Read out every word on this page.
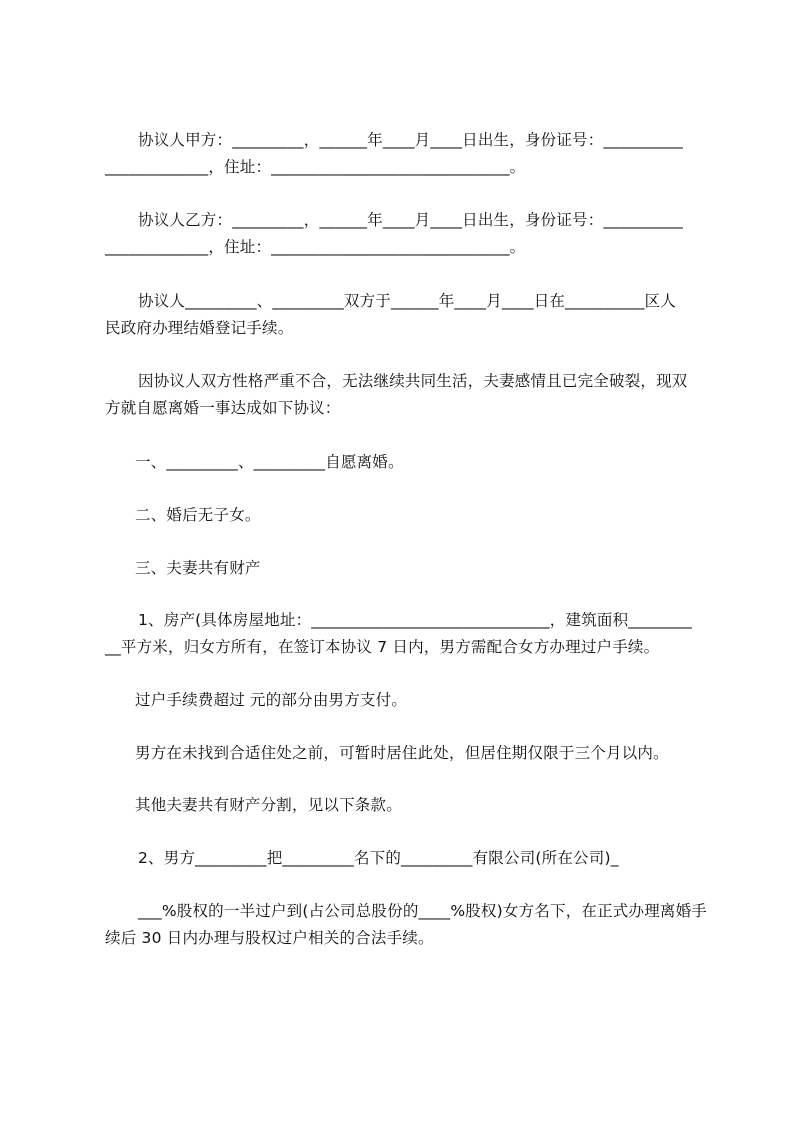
协议人甲方：_________，______年____月____日出生，身份证号：__________
_____________，住址：______________________________。
协议人乙方：_________，______年____月____日出生，身份证号：__________
_____________，住址：______________________________。
协议人_________、_________双方于______年____月____日在__________区人
民政府办理结婚登记手续。
因协议人双方性格严重不合，无法继续共同生活，夫妻感情且已完全破裂，现双
方就自愿离婚一事达成如下协议：
一、_________、_________自愿离婚。
二、婚后无子女。
三、夫妻共有财产
1、房产(具体房屋地址：______________________________，建筑面积________
__平方米，归女方所有，在签订本协议 7 日内，男方需配合女方办理过户手续。
过户手续费超过 元的部分由男方支付。
男方在未找到合适住处之前，可暂时居住此处，但居住期仅限于三个月以内。
其他夫妻共有财产分割，见以下条款。
2、男方_________把_________名下的_________有限公司(所在公司)_
___%股权的一半过户到(占公司总股份的____%股权)女方名下，在正式办理离婚手
续后 30 日内办理与股权过户相关的合法手续。
